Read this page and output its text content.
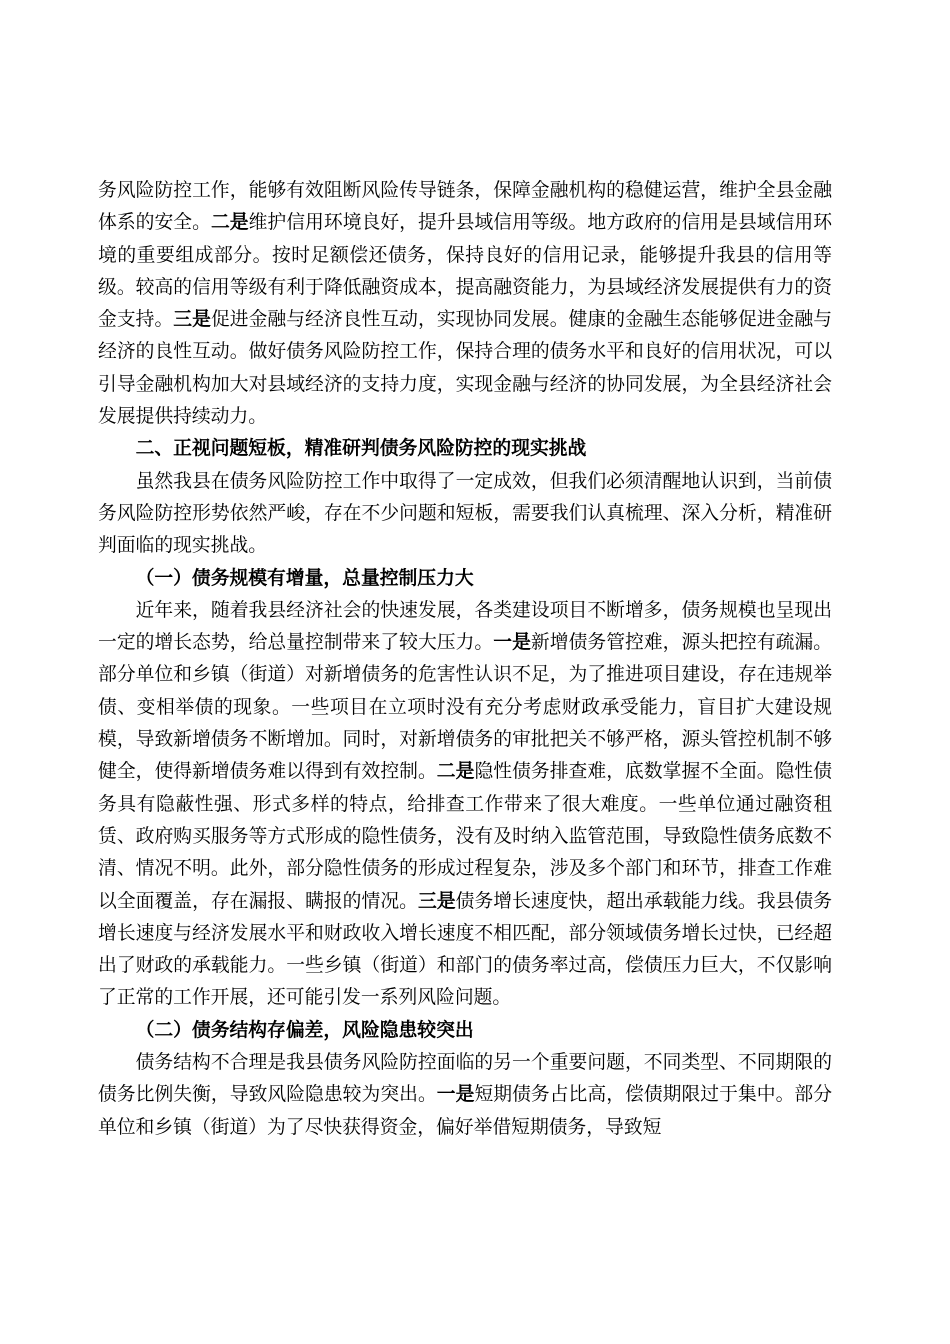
务风险防控工作，能够有效阻断风险传导链条，保障金融机构的稳健运营，维护全县金融体系的安全。二是维护信用环境良好，提升县域信用等级。地方政府的信用是县域信用环境的重要组成部分。按时足额偿还债务，保持良好的信用记录，能够提升我县的信用等级。较高的信用等级有利于降低融资成本，提高融资能力，为县域经济发展提供有力的资金支持。三是促进金融与经济良性互动，实现协同发展。健康的金融生态能够促进金融与经济的良性互动。做好债务风险防控工作，保持合理的债务水平和良好的信用状况，可以引导金融机构加大对县域经济的支持力度，实现金融与经济的协同发展，为全县经济社会发展提供持续动力。

二、正视问题短板，精准研判债务风险防控的现实挑战

虽然我县在债务风险防控工作中取得了一定成效，但我们必须清醒地认识到，当前债务风险防控形势依然严峻，存在不少问题和短板，需要我们认真梳理、深入分析，精准研判面临的现实挑战。

（一）债务规模有增量，总量控制压力大

近年来，随着我县经济社会的快速发展，各类建设项目不断增多，债务规模也呈现出一定的增长态势，给总量控制带来了较大压力。一是新增债务管控难，源头把控有疏漏。部分单位和乡镇（街道）对新增债务的危害性认识不足，为了推进项目建设，存在违规举债、变相举债的现象。一些项目在立项时没有充分考虑财政承受能力，盲目扩大建设规模，导致新增债务不断增加。同时，对新增债务的审批把关不够严格，源头管控机制不够健全，使得新增债务难以得到有效控制。二是隐性债务排查难，底数掌握不全面。隐性债务具有隐蔽性强、形式多样的特点，给排查工作带来了很大难度。一些单位通过融资租赁、政府购买服务等方式形成的隐性债务，没有及时纳入监管范围，导致隐性债务底数不清、情况不明。此外，部分隐性债务的形成过程复杂，涉及多个部门和环节，排查工作难以全面覆盖，存在漏报、瞒报的情况。三是债务增长速度快，超出承载能力线。我县债务增长速度与经济发展水平和财政收入增长速度不相匹配，部分领域债务增长过快，已经超出了财政的承载能力。一些乡镇（街道）和部门的债务率过高，偿债压力巨大，不仅影响了正常的工作开展，还可能引发一系列风险问题。

（二）债务结构存偏差，风险隐患较突出

债务结构不合理是我县债务风险防控面临的另一个重要问题，不同类型、不同期限的债务比例失衡，导致风险隐患较为突出。一是短期债务占比高，偿债期限过于集中。部分单位和乡镇（街道）为了尽快获得资金，偏好举借短期债务，导致短
